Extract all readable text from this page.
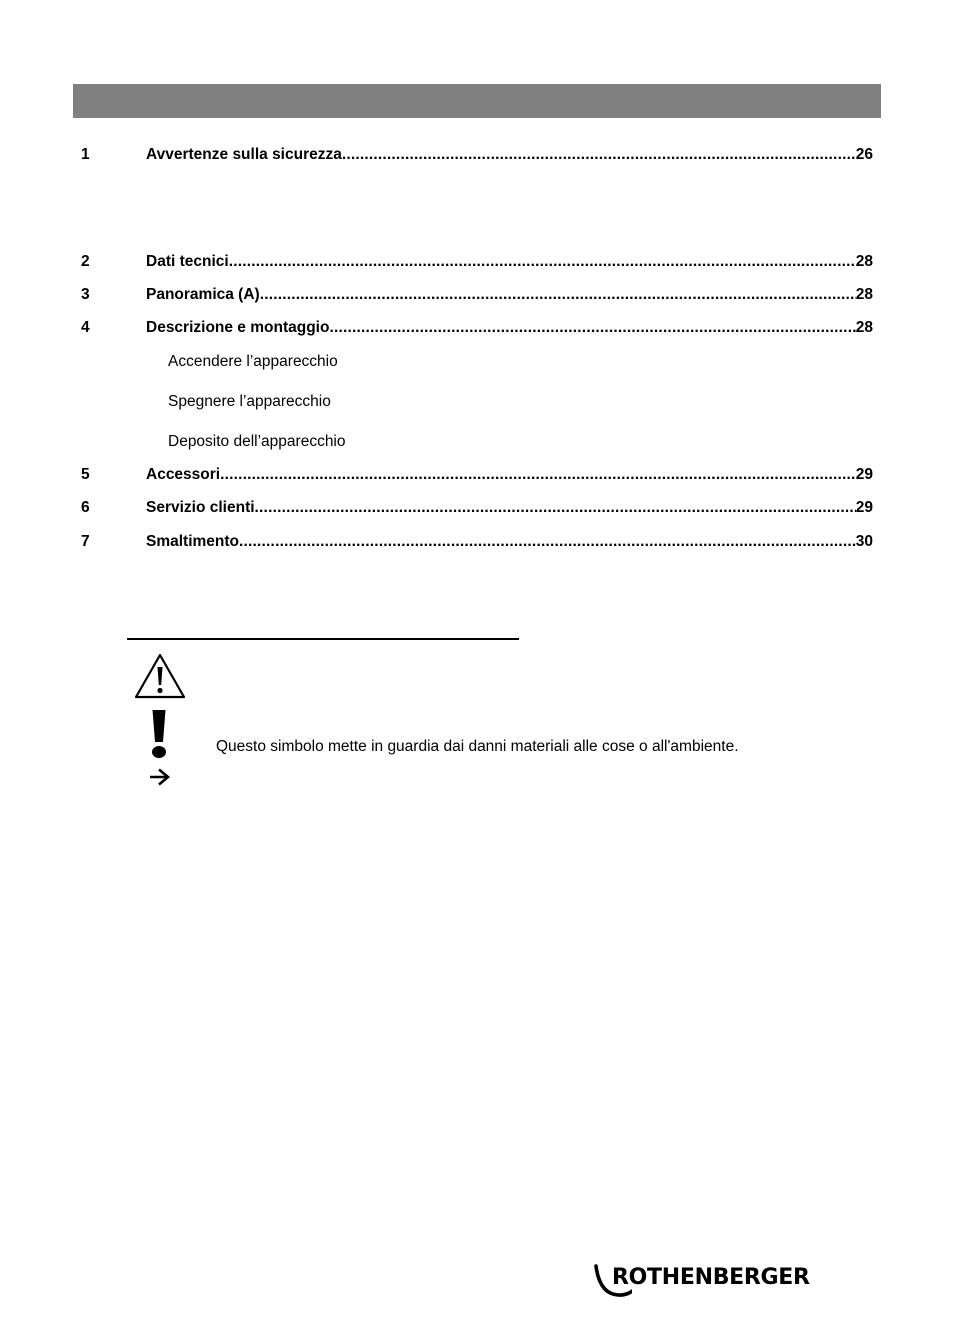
1	Avvertenze sulla sicurezza .....	26
2	Dati tecnici .....	28
3	Panoramica (A) .....	28
4	Descrizione e montaggio .....	28
Accendere l’apparecchio
Spegnere l’apparecchio
Deposito dell’apparecchio
5	Accessori .....	29
6	Servizio clienti .....	29
7	Smaltimento .....	30
Questo simbolo mette in guardia dai danni materiali alle cose o all'ambiente.
ROTHENBERGER
